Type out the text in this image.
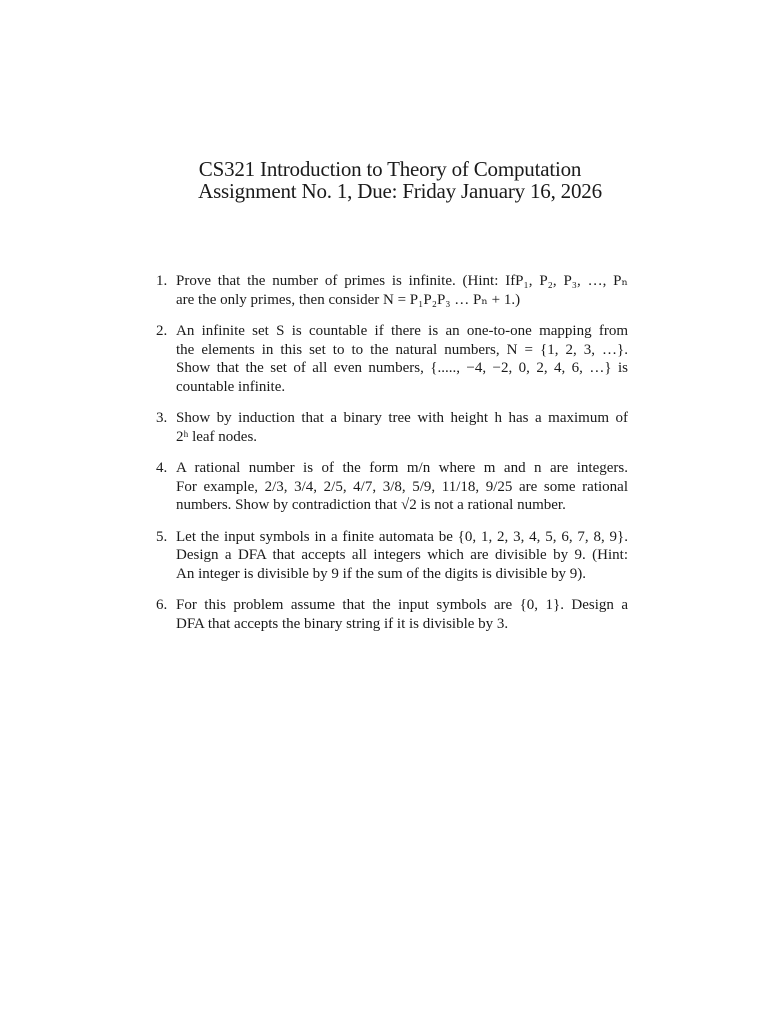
CS321 Introduction to Theory of Computation
Assignment No. 1, Due: Friday January 16, 2026
1. Prove that the number of primes is infinite. (Hint: IfP₁, P₂, P₃, …, Pₙ
are the only primes, then consider N = P₁P₂P₃ … Pₙ + 1.)
2. An infinite set S is countable if there is an one-to-one mapping from
the elements in this set to to the natural numbers, N = {1, 2, 3, …}.
Show that the set of all even numbers, {....., −4, −2, 0, 2, 4, 6, …} is
countable infinite.
3. Show by induction that a binary tree with height h has a maximum of
2ʰ leaf nodes.
4. A rational number is of the form m/n where m and n are integers.
For example, 2/3, 3/4, 2/5, 4/7, 3/8, 5/9, 11/18, 9/25 are some rational
numbers. Show by contradiction that √2 is not a rational number.
5. Let the input symbols in a finite automata be {0, 1, 2, 3, 4, 5, 6, 7, 8, 9}.
Design a DFA that accepts all integers which are divisible by 9. (Hint:
An integer is divisible by 9 if the sum of the digits is divisible by 9).
6. For this problem assume that the input symbols are {0, 1}. Design a
DFA that accepts the binary string if it is divisible by 3.
